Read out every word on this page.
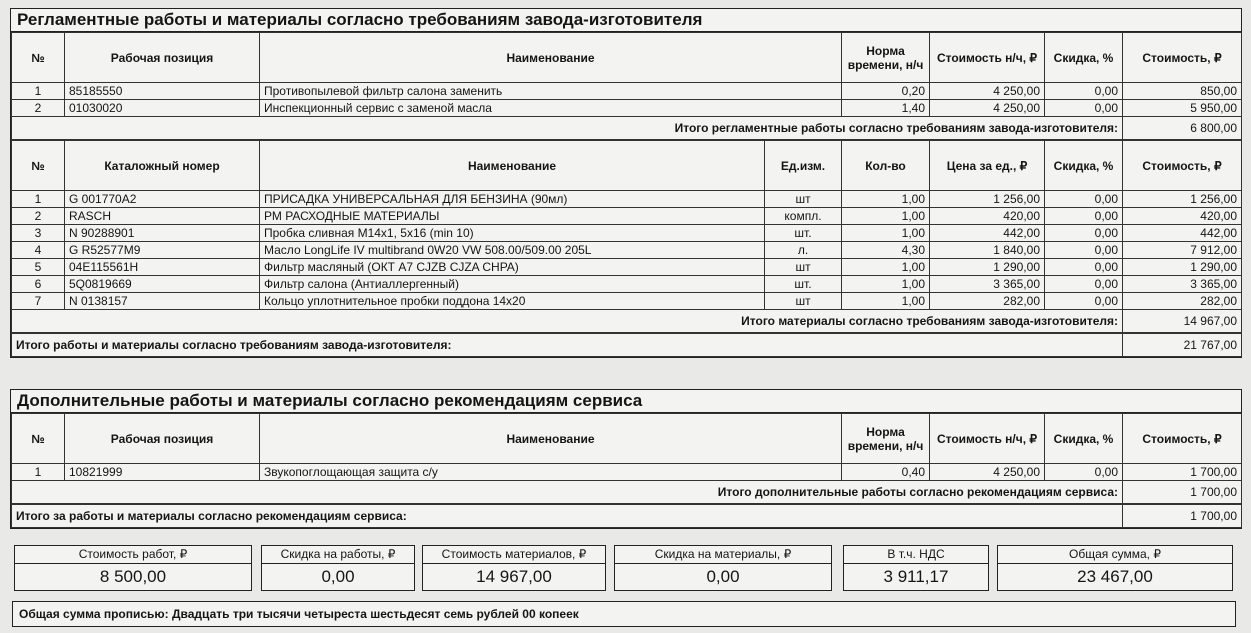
Регламентные работы и материалы согласно требованиям завода-изготовителя
№	Рабочая позиция	Наименование	Норма времени, н/ч	Стоимость н/ч, ₽	Скидка, %	Стоимость, ₽
1	85185550	Противопылевой фильтр салона заменить	0,20	4 250,00	0,00	850,00
2	01030020	Инспекционный сервис с заменой масла	1,40	4 250,00	0,00	5 950,00
Итого регламентные работы согласно требованиям завода-изготовителя:						6 800,00
№	Каталожный номер	Наименование	Ед.изм.	Кол-во	Цена за ед., ₽	Скидка, %	Стоимость, ₽
1	G 001770A2	ПРИСАДКА УНИВЕРСАЛЬНАЯ ДЛЯ БЕНЗИНА (90мл)	шт	1,00	1 256,00	0,00	1 256,00
2	RASCH	РМ РАСХОДНЫЕ МАТЕРИАЛЫ	компл.	1,00	420,00	0,00	420,00
3	N 90288901	Пробка сливная M14x1, 5x16 (min 10)	шт.	1,00	442,00	0,00	442,00
4	G R52577M9	Масло LongLife IV multibrand 0W20 VW 508.00/509.00 205L	л.	4,30	1 840,00	0,00	7 912,00
5	04E115561H	Фильтр масляный (ОКТ A7 CJZB CJZA CHPA)	шт	1,00	1 290,00	0,00	1 290,00
6	5Q0819669	Фильтр салона (Антиаллергенный)	шт.	1,00	3 365,00	0,00	3 365,00
7	N 0138157	Кольцо уплотнительное пробки поддона 14x20	шт	1,00	282,00	0,00	282,00
Итого материалы согласно требованиям завода-изготовителя:							14 967,00
Итого работы и материалы согласно требованиям завода-изготовителя:	21 767,00
Дополнительные работы и материалы согласно рекомендациям сервиса
№	Рабочая позиция	Наименование	Норма времени, н/ч	Стоимость н/ч, ₽	Скидка, %	Стоимость, ₽
1	10821999	Звукопоглощающая защита с/у	0,40	4 250,00	0,00	1 700,00
Итого дополнительные работы согласно рекомендациям сервиса:						1 700,00
Итого за работы и материалы согласно рекомендациям сервиса:	1 700,00
Стоимость работ, ₽
8 500,00
Скидка на работы, ₽
0,00
Стоимость материалов, ₽
14 967,00
Скидка на материалы, ₽
0,00
В т.ч. НДС
3 911,17
Общая сумма, ₽
23 467,00
Общая сумма прописью: Двадцать три тысячи четыреста шестьдесят семь рублей 00 копеек
